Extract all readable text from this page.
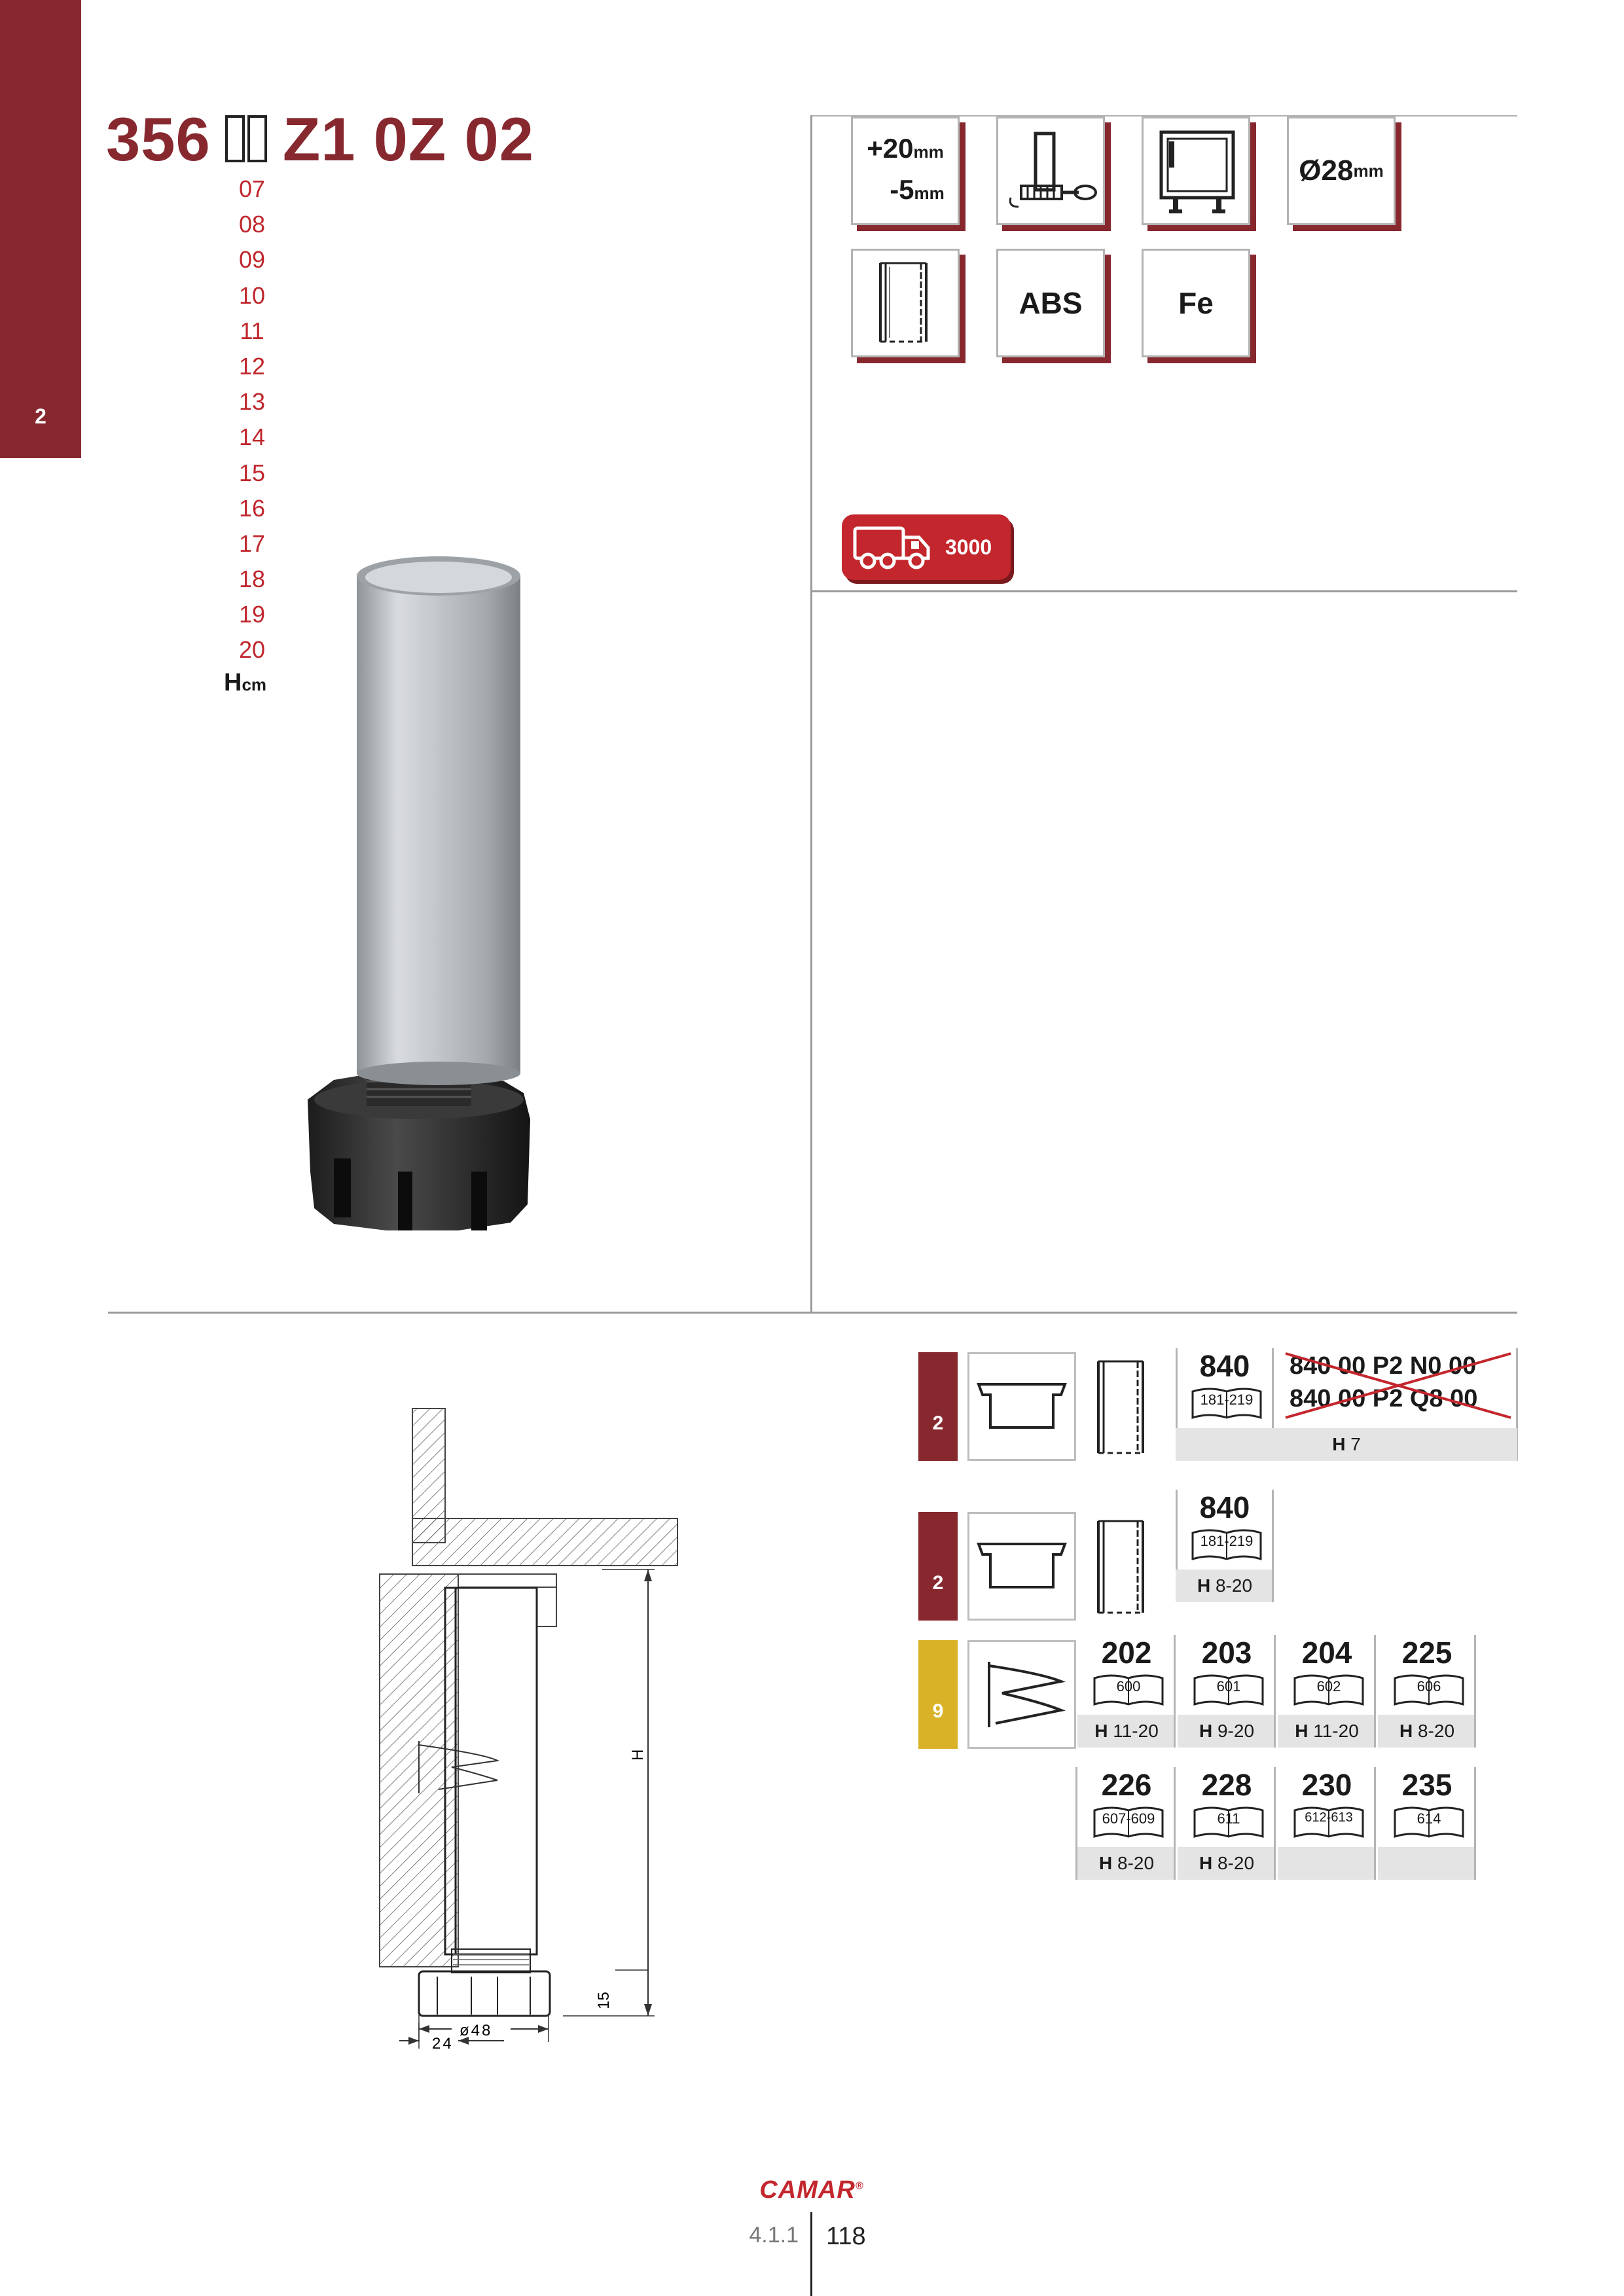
2
356 Z1 0Z 02
07
08
09
10
11
12
13
14
15
16
17
18
19
20
Hcm
+20mm
-5mm
Ø28 mm
ABS	Fe
3000
H
15
24
ø48
2
840
181-219
840 00 P2 N0 00
840 00 P2 Q8 00
H 7
2
840
181-219
H 8-20
9
202
600
H 11-20
203
601
H 9-20
204
602
H 11-20
225
606
H 8-20
226
607-609
H 8-20
228
611
H 8-20
230
612-613
235
614
CAMAR®
4.1.1 118
